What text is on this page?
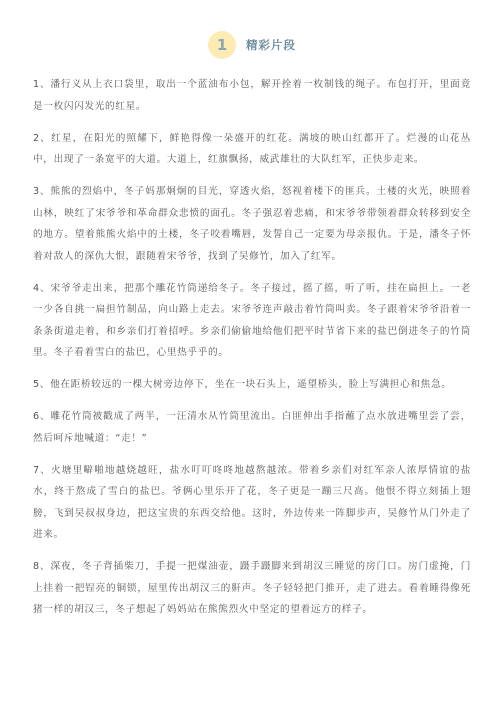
1	精彩片段

1、潘行义从上衣口袋里，取出一个蓝油布小包，解开拴着一枚制钱的绳子。布包打开，里面竟是一枚闪闪发光的红星。

2、红星，在阳光的照耀下，鲜艳得像一朵盛开的红花。满坡的映山红都开了。烂漫的山花丛中，出现了一条宽平的大道。大道上，红旗飘扬，威武雄壮的大队红军，正快步走来。

3、熊熊的烈焰中，冬子妈那炯炯的目光，穿透火焰，怒视着楼下的匪兵。土楼的火光，映照着山林，映红了宋爷爷和革命群众悲愤的面孔。冬子强忍着悲痛，和宋爷爷带领着群众转移到安全的地方。望着熊熊火焰中的土楼，冬子咬着嘴唇，发誓自己一定要为母亲报仇。于是，潘冬子怀着对敌人的深仇大恨，跟随着宋爷爷，找到了吴修竹，加入了红军。

4、宋爷爷走出来，把那个雕花竹筒递给冬子。冬子接过，摇了摇，听了听，挂在扁担上。一老一少各自挑一扁担竹制品，向山路上走去。宋爷爷连声敲击着竹筒叫卖。冬子跟着宋爷爷沿着一条条街道走着，和乡亲们打着招呼。乡亲们偷偷地给他们把平时节省下来的盐巴倒进冬子的竹筒里。冬子看着雪白的盐巴，心里热乎乎的。

5、他在距桥较远的一棵大树旁边停下，坐在一块石头上，遥望桥头，脸上写满担心和焦急。

6、雕花竹筒被戳成了两半，一汪清水从竹筒里流出。白匪伸出手指蘸了点水放进嘴里尝了尝，然后呵斥地喊道：“走！”

7、火塘里噼啪地越烧越旺，盐水叮叮咚咚地越熬越浓。带着乡亲们对红军亲人浓厚情谊的盐水，终于熬成了雪白的盐巴。爷俩心里乐开了花，冬子更是一蹦三尺高。他恨不得立刻插上翅膀，飞到吴叔叔身边，把这宝贵的东西交给他。这时，外边传来一阵脚步声，吴修竹从门外走了进来。

8、深夜，冬子背插柴刀，手提一把煤油壶，蹑手蹑脚来到胡汉三睡觉的房门口。房门虚掩，门上挂着一把锃亮的铜锁，屋里传出胡汉三的鼾声。冬子轻轻把门推开，走了进去。看着睡得像死猪一样的胡汉三，冬子想起了妈妈站在熊熊烈火中坚定的望着远方的样子。
